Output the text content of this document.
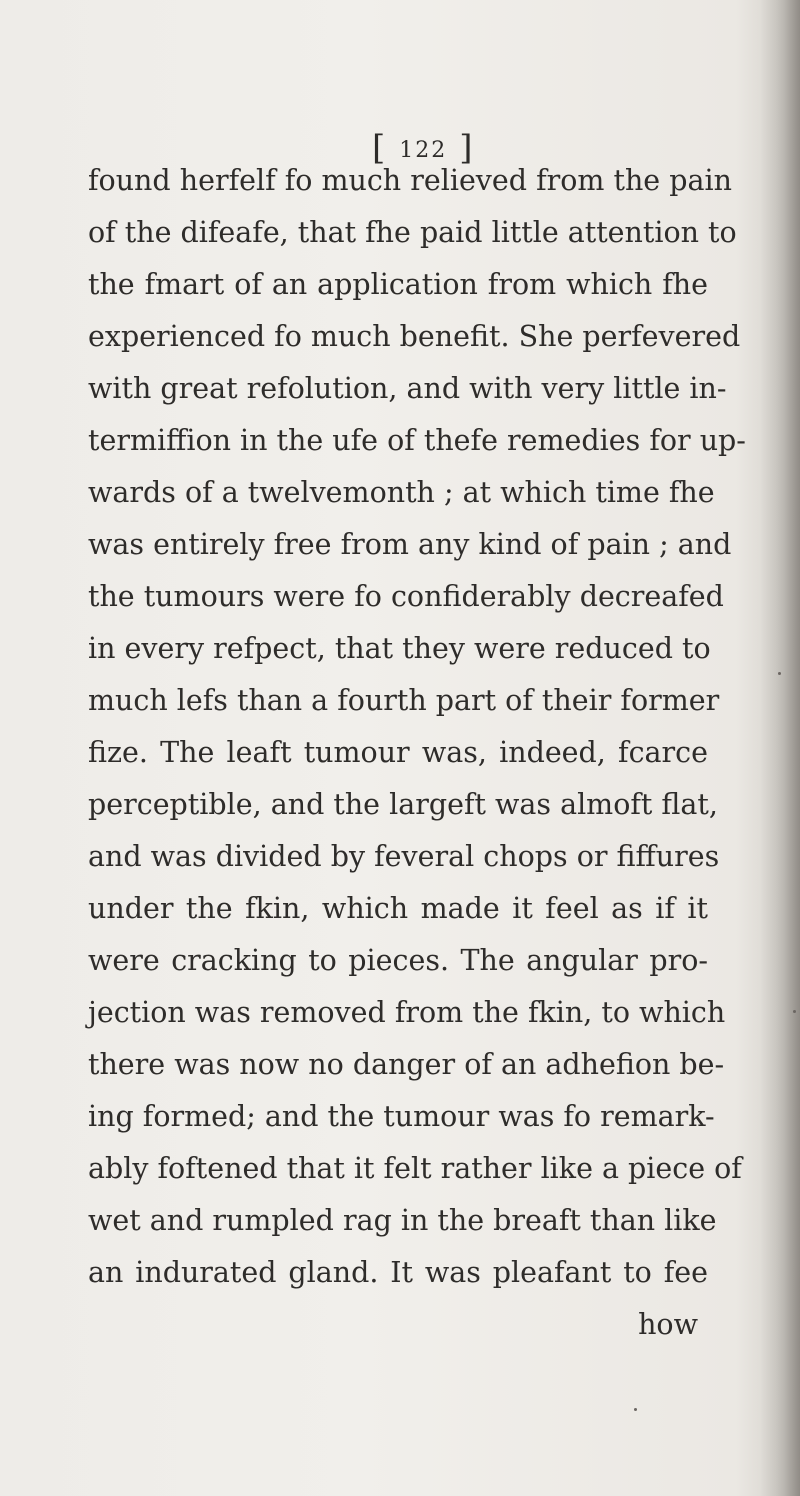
[ 122 ]
found herfelf fo much relieved from the pain
of the difeafe, that fhe paid little attention to
the fmart of an application from which fhe
experienced fo much benefit. She perfevered
with great refolution, and with very little in-
termiffion in the ufe of thefe remedies for up-
wards of a twelvemonth ; at which time fhe
was entirely free from any kind of pain ; and
the tumours were fo confiderably decreafed
in every refpect, that they were reduced to
much lefs than a fourth part of their former
fize. The leaft tumour was, indeed, fcarce
perceptible, and the largeft was almoft flat,
and was divided by feveral chops or fiffures
under the fkin, which made it feel as if it
were cracking to pieces. The angular pro-
jection was removed from the fkin, to which
there was now no danger of an adhefion be-
ing formed; and the tumour was fo remark-
ably foftened that it felt rather like a piece of
wet and rumpled rag in the breaft than like
an indurated gland. It was pleafant to fee
how
